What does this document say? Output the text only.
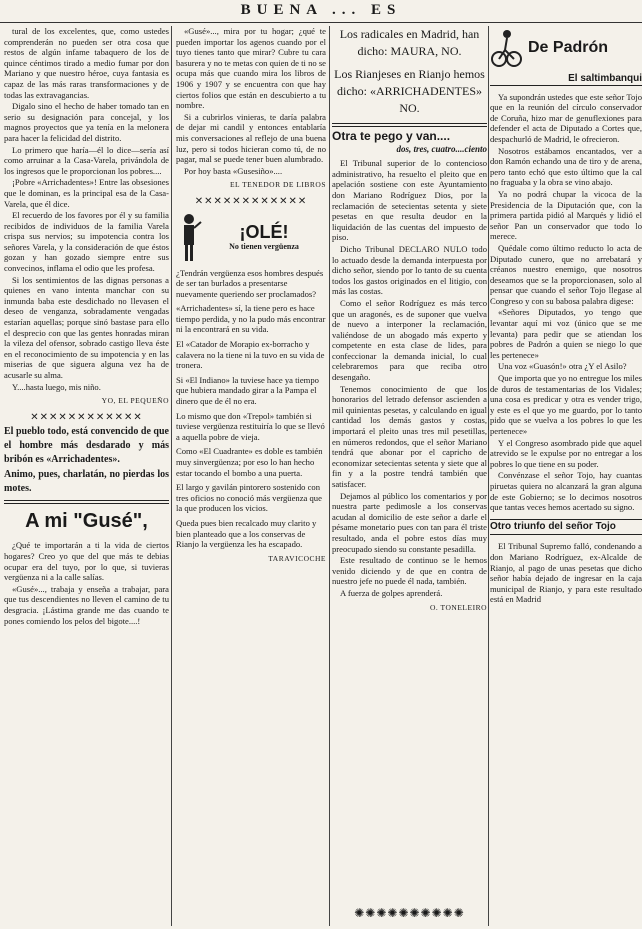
BUENA ... ES

tural de los excelentes, que, como ustedes comprenderán no pueden ser otra cosa que restos de algún infame tabaquero de los de quince céntimos tirado a medio fumar por don Mariano y que nuestro héroe, cuya fantasia es capaz de las más raras transformaciones y de todas las extravagancias.

Digalo sino el hecho de haber tomado tan en serio su designación para concejal, y los magnos proyectos que ya tenía en la melonera para hacer la felicidad del distrito.

Lo primero que haría—él lo dice—sería así como arruinar a la Casa-Varela, privándola de los ingresos que le proporcionan los pobres....

¡Pobre «Arrichadentes»! Entre las obsesiones que le dominan, es la principal esa de la Casa-Varela, que él dice.

El recuerdo de los favores por él y su familia recibidos de individuos de la familia Varela crispa sus nervios; su impotencia contra los señores Varela, y la consideración de que éstos gozan y han gozado siempre entre sus convecinos, inflama el odio que les profesa.

Si los sentimientos de las dignas personas a quienes en vano intenta manchar con su inmunda baba este desdichado no llevasen el deseo de venganza, sobradamente vengadas estarían aquellas; porque sinó bastase para ello el desprecio con que las gentes honradas miran la vileza del ofensor, sobrado castigo lleva éste en el reconocimiento de su impotencia y en las miserias de que siguera alguna vez ha de acusarle su alma.

Y....hasta luego, mis niño.

YO, EL PEQUEÑO
✕✕✕✕✕✕✕✕✕✕✕✕

El pueblo todo, está convencido de que el hombre más desdarado y más bribón es «Arrichadentes».

Animo, pues, charlatán, no pierdas los motes.

A mi "Gusé",

¿Qué te importarán a ti la vida de ciertos hogares? Creo yo que del que más te debias ocupar era del tuyo, por lo que, si tuvieras vergüenza ni a la calle salías.

«Gusé»..., trabaja y enseña a trabajar, para que tus descendientes no lleven el camino de tu desgracia. ¡Lástima grande me das cuando te pones comiendo los pelos del bigote....!

«Gusé»..., mira por tu hogar; ¿qué te pueden importar los agenos cuando por el tuyo tienes tanto que mirar? Cubre tu cara basurera y no te metas con quien de ti no se ocupa más que cuando mira los libros de 1906 y 1907 y se encuentra con que hay ciertos folios que están en descubierto a tu nombre.

Si a cubrirlos vinieras, te daría palabra de dejar mi candil y entonces entablaría mis conversaciones al reflejo de una buena luz, pero si todos hicieran como tú, de no pagar, mal se puede tener buen alumbrado.

Por hoy basta «Gusesiño»....

EL TENEDOR DE LIBROS
✕✕✕✕✕✕✕✕✕✕✕✕
¡OLÉ!
No tienen vergüenza

¿Tendrán vergüenza esos hombres después de ser tan burlados a presentarse nuevamente queriendo ser proclamados?

«Arrichadentes» sí, la tiene pero es hace tiempo perdida, y no la pudo más encontrar ni la encontrará en su vida.

El «Catador de Morapio ex-borracho y calavera no la tiene ni la tuvo en su vida de tronera.

Si «El Indiano» la tuviese hace ya tiempo que hubiera mandado girar a la Pampa el dinero que de él no era.

Lo mismo que don «Trepol» también si tuviese vergüenza restituiría lo que se llevó a aquella pobre de vieja.

Como «El Cuadrante» es doble es también muy sinvergüenza; por eso lo han hecho estar tocando el bombo a una puerta.

El largo y gavilán pintorero sostenido con tres oficios no conoció más vergüenza que la que producen los vicios.

Queda pues bien recalcado muy clarito y bien planteado que a los conservas de Rianjo la vergüenza les ha escapado.

TARAVICOCHE

Los radicales en Madrid, han dicho: MAURA, NO.

Los Rianjeses en Rianjo hemos dicho: «ARRICHADENTES» NO.

Otra te pego y van....
dos, tres, cuatro....ciento

El Tribunal superior de lo contencioso administrativo, ha resuelto el pleito que en apelación sostiene con este Ayuntamiento don Mariano Rodríguez Dios, por la reclamación de setecientas setenta y siete pesetas en que resulta deudor en la liquidación de las cuentas del impuesto de piso.

Dicho Tribunal DECLARO NULO todo lo actuado desde la demanda interpuesta por dicho señor, siendo por lo tanto de su cuenta todos los gastos originados en el litigio, con más las costas.

Como el señor Rodríguez es más terco que un aragonés, es de suponer que vuelva de nuevo a interponer la reclamación, valiéndose de un abogado más experto y competente en esta clase de lides, para confeccionar la demanda inicial, lo cual celebraremos para que reciba otro desengaño.

Tenemos conocimiento de que los honorarios del letrado defensor ascienden a mil quinientas pesetas, y calculando en igual cantidad los demás gastos y costas, importará el pleito unas tres mil pesetillas, en números redondos, que el señor Mariano tendrá que abonar por el capricho de economizar setecientas setenta y siete que al fin y a la postre tendrá también que satisfacer.

Dejamos al público los comentarios y por nuestra parte pedimosle a los conservas acudan al domicilio de este señor a darle el pésame monetario pues con tan para él triste resultado, anda el pobre estos días muy preocupado siendo su constante pesadilla.

Este resultado de continuo se le hemos venido diciendo y de que en contra de nuestro jefe no puede él nada, también.

A fuerza de golpes aprenderá.

O. TONELEIRO
✺✺✺✺✺✺✺✺✺✺
De Padrón
El saltimbanqui

Ya supondrán ustedes que este señor Tojo que en la reunión del círculo conservador de Coruña, hizo mar de genuflexiones para defender el acta de Diputado a Cortes que, despachurló de Madrid, le ofrecieron.

Nosotros estábamos encantados, ver a don Ramón echando una de tiro y de arena, pero tanto echó que esto último que la cal no fraguaba y la obra se vino abajo.

Ya no podrá chupar la vicoca de la Presidencia de la Diputación que, con la primera partida pidió al Marqués y lidió el señor Pan un conservador que todo lo merece.

Quédale como último reducto lo acta de Diputado cunero, que no arrebatará y créanos nuestro enemigo, que nosotros deseamos que se la proporcionasen, solo al pensar que cuando el señor Tojo llegase al Congreso y con su babosa palabra digese:

«Señores Diputados, yo tengo que levantar aquí mi voz (único que se me levanta) para pedir que se atiendan los pobres de Padrón a quien se niego lo que les pertenece»

Una voz «Guasón!» otra ¿Y el Asilo?

Que importa que yo no entregue los miles de duros de testamentarias de los Vidales; una cosa es predicar y otra es vender trigo, y este es el que yo me guardo, por lo tanto pido que se vuelva a los pobres lo que les pertenece»

Y el Congreso asombrado pide que aquel atrevido se le expulse por no entregar a los pobres lo que tiene en su poder.

Convénzase el señor Tojo, hay cuantas piruetas quiera no alcanzará la gran alguna de este Gobierno; se lo decimos nosotros que tantas veces hemos acertado su signo.

Otro triunfo del señor Tojo

El Tribunal Supremo falló, condenando a don Mariano Rodríguez, ex-Alcalde de Rianjo, al pago de unas pesetas que dicho señor había dejado de ingresar en la caja municipal de Rianjo, y para este resultado está en Madrid
